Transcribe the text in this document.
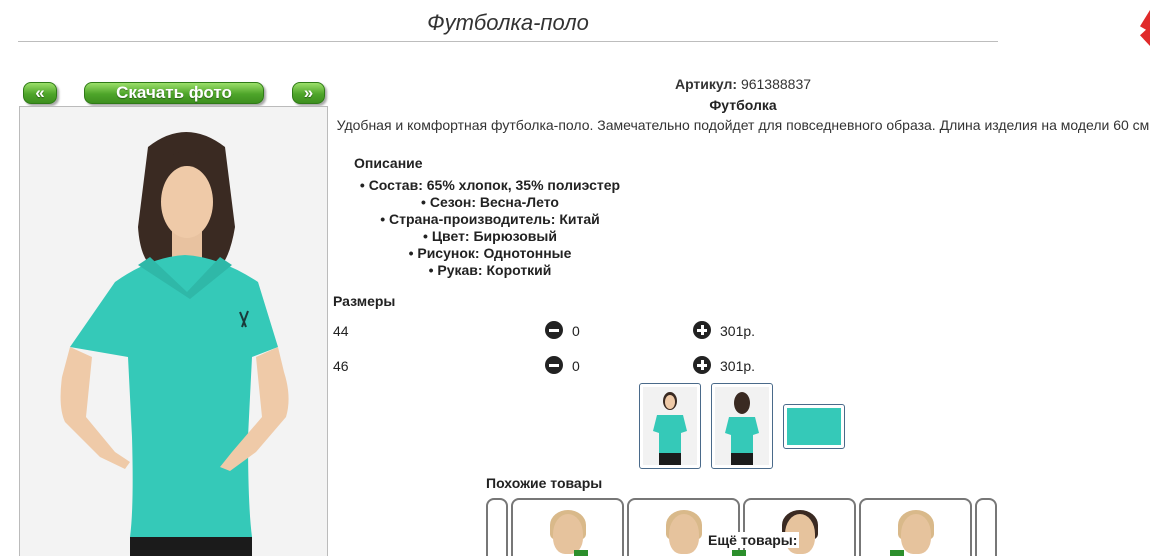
Футболка-поло
«	Скачать фото	»	Артикул: 961388837
Футболка
Удобная и комфортная футболка-поло. Замечательно подойдет для повседневного образа. Длина изделия на модели 60 см
Описание
• Состав: 65% хлопок, 35% полиэстер
• Сезон: Весна-Лето
• Страна-производитель: Китай
• Цвет: Бирюзовый
• Рисунок: Однотонные
• Рукав: Короткий
Размеры
44	0	301р.
46	0	301р.
Похожие товары
Ещё товары:
